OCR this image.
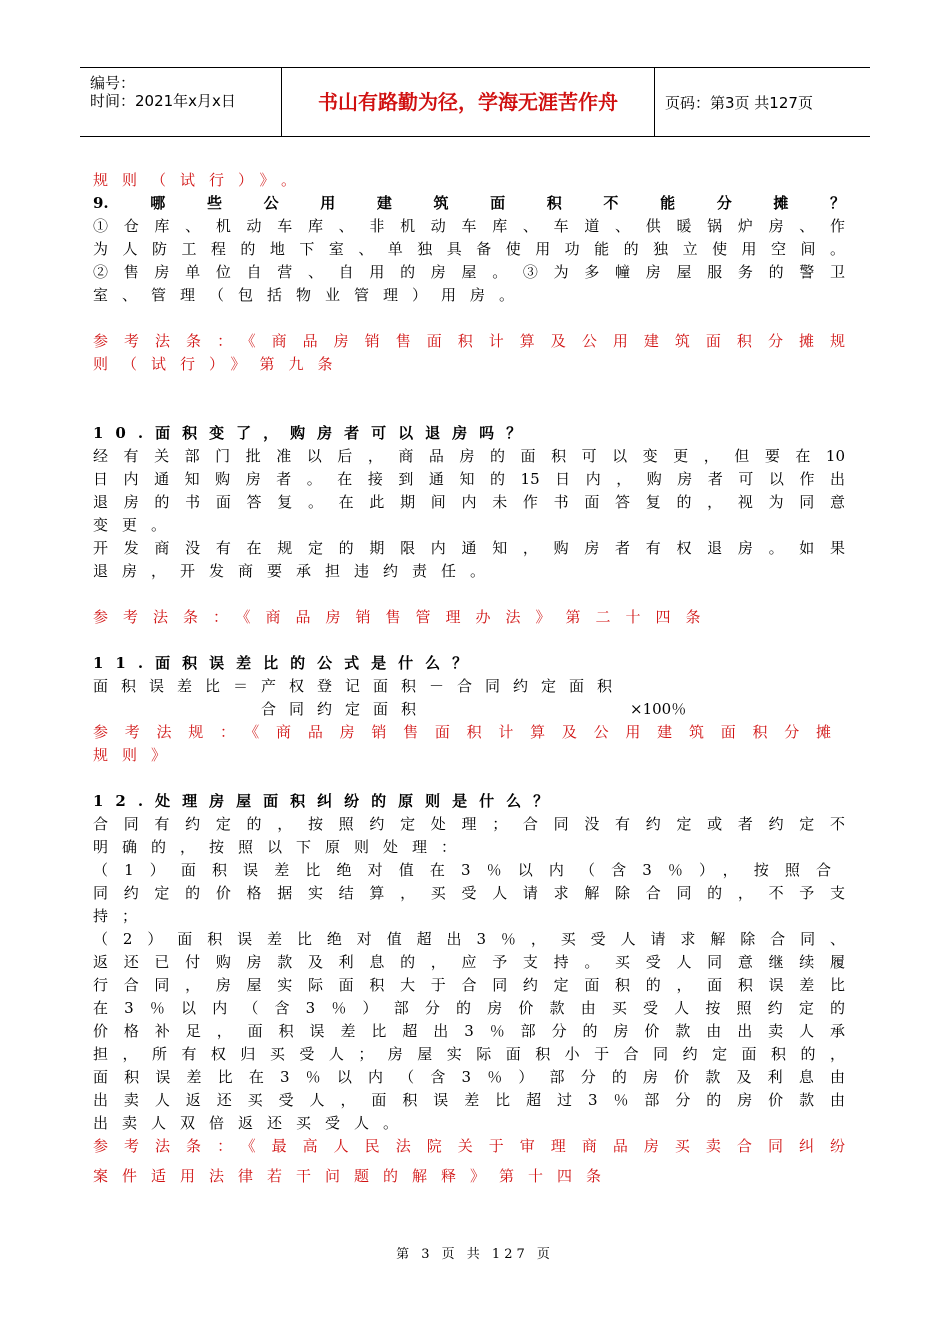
编号：
时间：2021年x月x日	书山有路勤为径，学海无涯苦作舟	页码：第3页 共127页
规则（试行）》。
9.哪些公用建筑面积不能分摊？
①仓库、机动车库、非机动车库、车道、供暖锅炉房、作
为人防工程的地下室、单独具备使用功能的独立使用空间。
②售房单位自营、自用的房屋。③为多幢房屋服务的警卫
室、管理（包括物业管理）用房。
参考法条：《商品房销售面积计算及公用建筑面积分摊规
则（试行）》第九条
10.面积变了，购房者可以退房吗？
经有关部门批准以后，商品房的面积可以变更，但要在10
日内通知购房者。在接到通知的15日内，购房者可以作出
退房的书面答复。在此期间内未作书面答复的，视为同意
变更。
开发商没有在规定的期限内通知，购房者有权退房。如果
退房，开发商要承担违约责任。
参考法条：《商品房销售管理办法》第二十四条
11.面积误差比的公式是什么？
面积误差比＝产权登记面积－合同约定面积
合同约定面积	×100％
参考法规：《商品房销售面积计算及公用建筑面积分摊
规则》
12.处理房屋面积纠纷的原则是什么？
合同有约定的，按照约定处理；合同没有约定或者约定不
明确的，按照以下原则处理：
（1）面积误差比绝对值在3％以内（含3％），按照合
同约定的价格据实结算，买受人请求解除合同的，不予支
持；
（2）面积误差比绝对值超出3％，买受人请求解除合同、
返还已付购房款及利息的，应予支持。买受人同意继续履
行合同，房屋实际面积大于合同约定面积的，面积误差比
在3％以内（含3％）部分的房价款由买受人按照约定的
价格补足，面积误差比超出3％部分的房价款由出卖人承
担，所有权归买受人；房屋实际面积小于合同约定面积的，
面积误差比在3％以内（含3％）部分的房价款及利息由
出卖人返还买受人，面积误差比超过3％部分的房价款由
出卖人双倍返还买受人。
参考法条：《最高人民法院关于审理商品房买卖合同纠纷
案件适用法律若干问题的解释》第十四条
第 3 页 共 127 页
